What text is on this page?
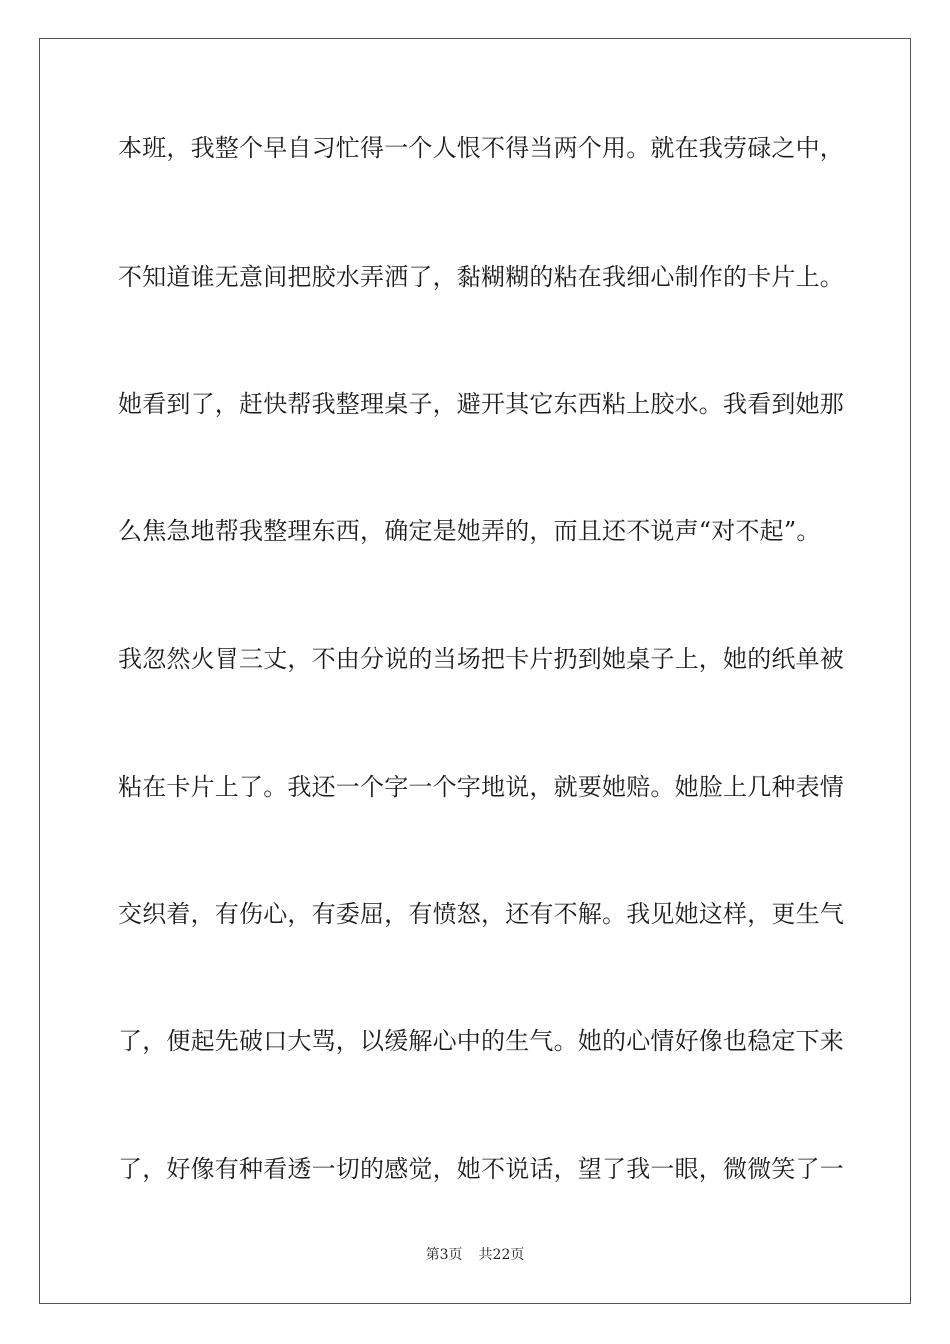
本班，我整个早自习忙得一个人恨不得当两个用。就在我劳碌之中，
不知道谁无意间把胶水弄洒了，黏糊糊的粘在我细心制作的卡片上。
她看到了，赶快帮我整理桌子，避开其它东西粘上胶水。我看到她那
么焦急地帮我整理东西，确定是她弄的，而且还不说声“对不起”。
我忽然火冒三丈，不由分说的当场把卡片扔到她桌子上，她的纸单被
粘在卡片上了。我还一个字一个字地说，就要她赔。她脸上几种表情
交织着，有伤心，有委屈，有愤怒，还有不解。我见她这样，更生气
了，便起先破口大骂，以缓解心中的生气。她的心情好像也稳定下来
了，好像有种看透一切的感觉，她不说话，望了我一眼，微微笑了一
第3页 共22页
